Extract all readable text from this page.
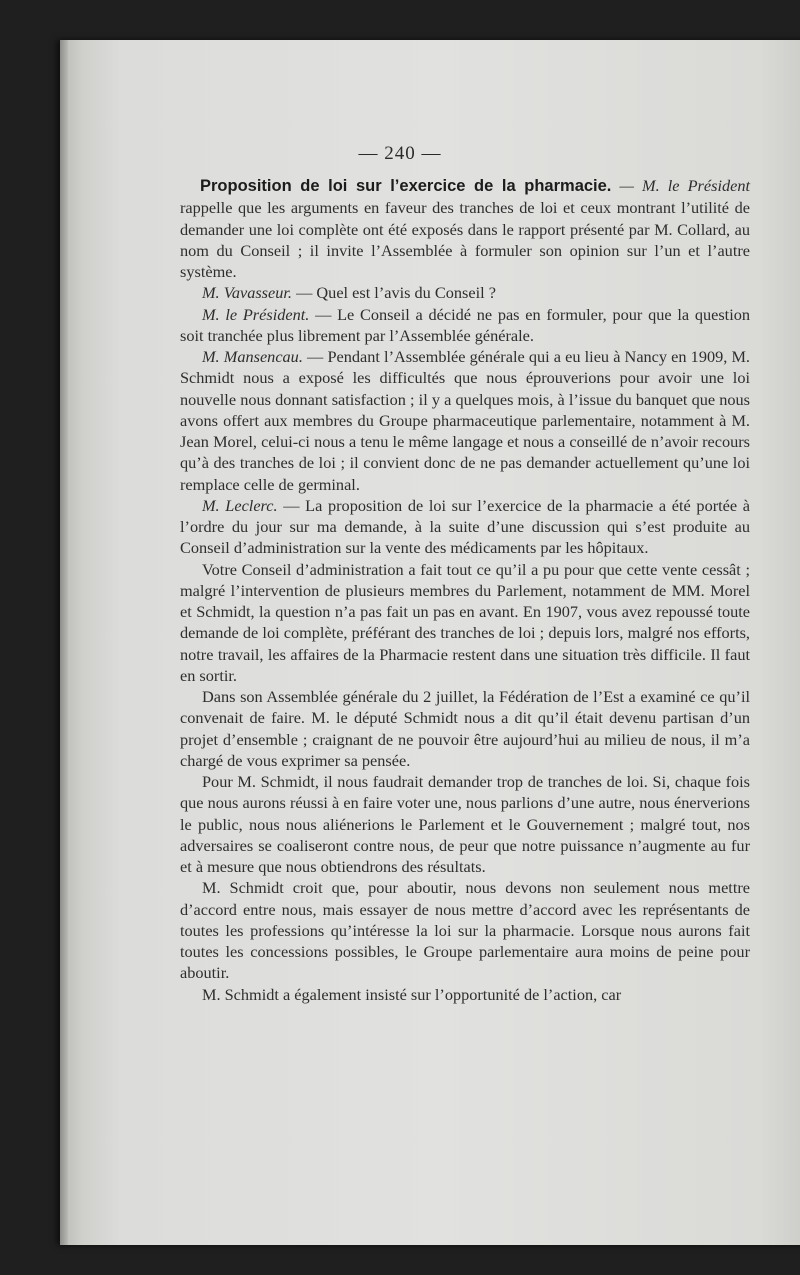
— 240 —

Proposition de loi sur l’exercice de la pharmacie. — M. le Président rappelle que les arguments en faveur des tranches de loi et ceux montrant l’utilité de demander une loi complète ont été exposés dans le rapport présenté par M. Collard, au nom du Conseil ; il invite l’Assemblée à formuler son opinion sur l’un et l’autre système.

M. Vavasseur. — Quel est l’avis du Conseil ?

M. le Président. — Le Conseil a décidé ne pas en formuler, pour que la question soit tranchée plus librement par l’Assemblée générale.

M. Mansencau. — Pendant l’Assemblée générale qui a eu lieu à Nancy en 1909, M. Schmidt nous a exposé les difficultés que nous éprouverions pour avoir une loi nouvelle nous donnant satisfaction ; il y a quelques mois, à l’issue du banquet que nous avons offert aux membres du Groupe pharmaceutique parlementaire, notamment à M. Jean Morel, celui-ci nous a tenu le même langage et nous a conseillé de n’avoir recours qu’à des tranches de loi ; il convient donc de ne pas demander actuellement qu’une loi remplace celle de germinal.

M. Leclerc. — La proposition de loi sur l’exercice de la pharmacie a été portée à l’ordre du jour sur ma demande, à la suite d’une discussion qui s’est produite au Conseil d’administration sur la vente des médicaments par les hôpitaux.

Votre Conseil d’administration a fait tout ce qu’il a pu pour que cette vente cessât ; malgré l’intervention de plusieurs membres du Parlement, notamment de MM. Morel et Schmidt, la question n’a pas fait un pas en avant. En 1907, vous avez repoussé toute demande de loi complète, préférant des tranches de loi ; depuis lors, malgré nos efforts, notre travail, les affaires de la Pharmacie restent dans une situation très difficile. Il faut en sortir.

Dans son Assemblée générale du 2 juillet, la Fédération de l’Est a examiné ce qu’il convenait de faire. M. le député Schmidt nous a dit qu’il était devenu partisan d’un projet d’ensemble ; craignant de ne pouvoir être aujourd’hui au milieu de nous, il m’a chargé de vous exprimer sa pensée.

Pour M. Schmidt, il nous faudrait demander trop de tranches de loi. Si, chaque fois que nous aurons réussi à en faire voter une, nous parlions d’une autre, nous énerverions le public, nous nous aliénerions le Parlement et le Gouvernement ; malgré tout, nos adversaires se coaliseront contre nous, de peur que notre puissance n’augmente au fur et à mesure que nous obtiendrons des résultats.

M. Schmidt croit que, pour aboutir, nous devons non seulement nous mettre d’accord entre nous, mais essayer de nous mettre d’accord avec les représentants de toutes les professions qu’intéresse la loi sur la pharmacie. Lorsque nous aurons fait toutes les concessions possibles, le Groupe parlementaire aura moins de peine pour aboutir.

M. Schmidt a également insisté sur l’opportunité de l’action, car
